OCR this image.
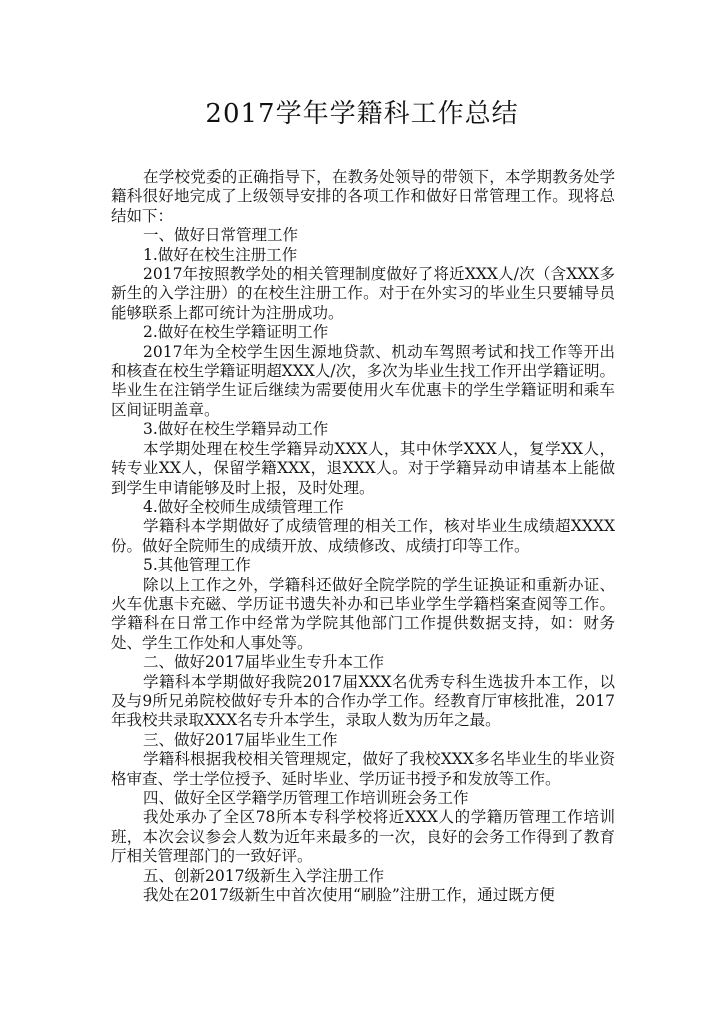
2017学年学籍科工作总结

在学校党委的正确指导下，在教务处领导的带领下，本学期教务处学籍科很好地完成了上级领导安排的各项工作和做好日常管理工作。现将总结如下：

一、做好日常管理工作

1.做好在校生注册工作

2017年按照教学处的相关管理制度做好了将近XXX人/次（含XXX多新生的入学注册）的在校生注册工作。对于在外实习的毕业生只要辅导员能够联系上都可统计为注册成功。

2.做好在校生学籍证明工作

2017年为全校学生因生源地贷款、机动车驾照考试和找工作等开出和核查在校生学籍证明超XXX人/次，多次为毕业生找工作开出学籍证明。毕业生在注销学生证后继续为需要使用火车优惠卡的学生学籍证明和乘车区间证明盖章。

3.做好在校生学籍异动工作

本学期处理在校生学籍异动XXX人，其中休学XXX人，复学XX人，转专业XX人，保留学籍XXX，退XXX人。对于学籍异动申请基本上能做到学生申请能够及时上报，及时处理。

4.做好全校师生成绩管理工作

学籍科本学期做好了成绩管理的相关工作，核对毕业生成绩超XXXX份。做好全院师生的成绩开放、成绩修改、成绩打印等工作。

5.其他管理工作

除以上工作之外，学籍科还做好全院学院的学生证换证和重新办证、火车优惠卡充磁、学历证书遗失补办和已毕业学生学籍档案查阅等工作。学籍科在日常工作中经常为学院其他部门工作提供数据支持，如：财务处、学生工作处和人事处等。

二、做好2017届毕业生专升本工作

学籍科本学期做好我院2017届XXX名优秀专科生选拔升本工作，以及与9所兄弟院校做好专升本的合作办学工作。经教育厅审核批准，2017年我校共录取XXX名专升本学生，录取人数为历年之最。

三、做好2017届毕业生工作

学籍科根据我校相关管理规定，做好了我校XXX多名毕业生的毕业资格审查、学士学位授予、延时毕业、学历证书授予和发放等工作。

四、做好全区学籍学历管理工作培训班会务工作

我处承办了全区78所本专科学校将近XXX人的学籍历管理工作培训班，本次会议参会人数为近年来最多的一次，良好的会务工作得到了教育厅相关管理部门的一致好评。

五、创新2017级新生入学注册工作

我处在2017级新生中首次使用“刷脸”注册工作，通过既方便
